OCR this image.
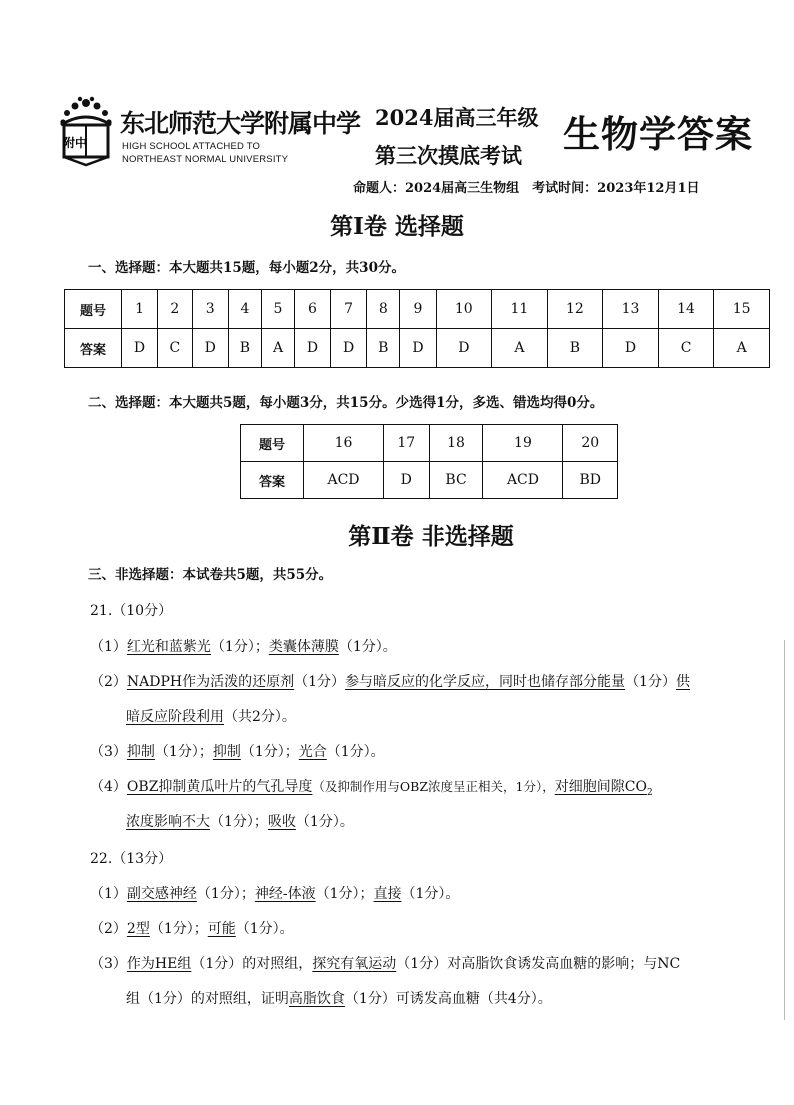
附中
东北师范大学附属中学
HIGH SCHOOL ATTACHED TO
NORTHEAST NORMAL UNIVERSITY
2024届高三年级
第三次摸底考试 生物学答案
命题人：2024届高三生物组　考试时间：2023年12月1日
第Ⅰ卷 选择题
一、选择题：本大题共15题，每小题2分，共30分。
题号	1	2	3	4	5	6	7	8	9	10	11	12	13	14	15
答案	D	C	D	B	A	D	D	B	D	D	A	B	D	C	A
二、选择题：本大题共5题，每小题3分，共15分。少选得1分，多选、错选均得0分。
题号	16	17	18	19	20
答案	ACD	D	BC	ACD	BD
第Ⅱ卷 非选择题
三、非选择题：本试卷共5题，共55分。
21.（10分）
（1）红光和蓝紫光（1分）；类囊体薄膜（1分）。
（2）NADPH作为活泼的还原剂（1分）参与暗反应的化学反应，同时也储存部分能量（1分）供
暗反应阶段利用（共2分）。
（3）抑制（1分）；抑制（1分）；光合（1分）。
（4）OBZ抑制黄瓜叶片的气孔导度（及抑制作用与OBZ浓度呈正相关，1分），对细胞间隙$CO_2$
浓度影响不大（1分）；吸收（1分）。
22.（13分）
（1）副交感神经（1分）；神经-体液（1分）；直接（1分）。
（2）2型（1分）；可能（1分）。
（3）作为HE组（1分）的对照组，探究有氧运动（1分）对高脂饮食诱发高血糖的影响；与NC
组（1分）的对照组，证明高脂饮食（1分）可诱发高血糖（共4分）。
